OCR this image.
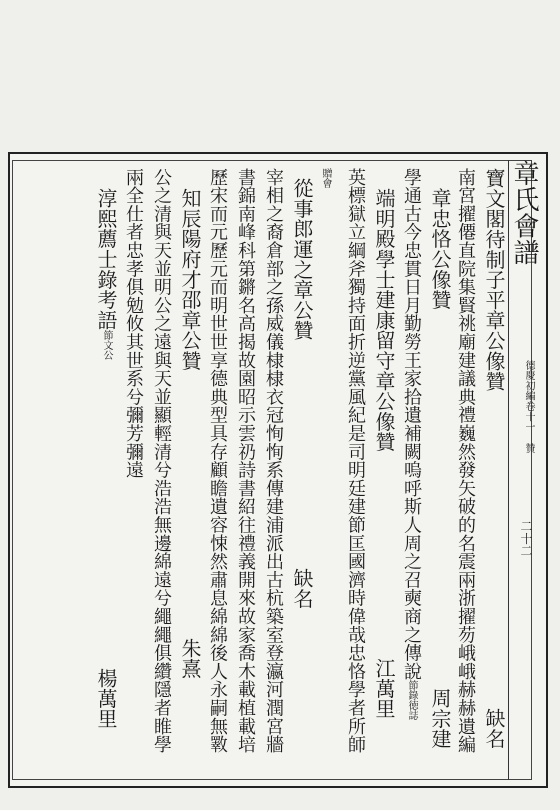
章氏會譜
德慶初編卷十一 贊
二十二
寶文閣待制子平章公像贊
缺名
南宮擢僊直院集賢祧廟建議典禮巍然發矢破的名震兩浙擢芴峨峨赫赫遺編
章忠恪公像贊
周宗建
學通古今忠貫日月勤勞王家拾遺補闕嗚呼斯人周之召奭商之傳說節錄徳誌
端明殿學士建康留守章公像贊
江萬里
英標獄立綱斧獨持面折逆黨風紀是司明廷建節匡國濟時偉哉忠恪學者所師
贈會
從事郎運之章公贊
缺名
宰相之裔倉部之孫威儀棣棣衣冠恂恂系傳建浦派出古杭築室登瀛河潤宮牆
書錦南峰科第鏘名高揭故園昭示雲礽詩書紹往禮義開來故家喬木載植載培
歷宋而元歷元而明世世享德典型具存顧瞻遺容悚然肅息綿綿後人永嗣無斁
知辰陽府才邵章公贊
朱熹
公之清與天並明公之遠與天並顯輕清兮浩浩無邊綿遠兮繩繩俱纘隱者睢學
兩全仕者忠孝俱勉攸其世系兮彌芳彌遠
淳熙薦士錄考語節文公
楊萬里
